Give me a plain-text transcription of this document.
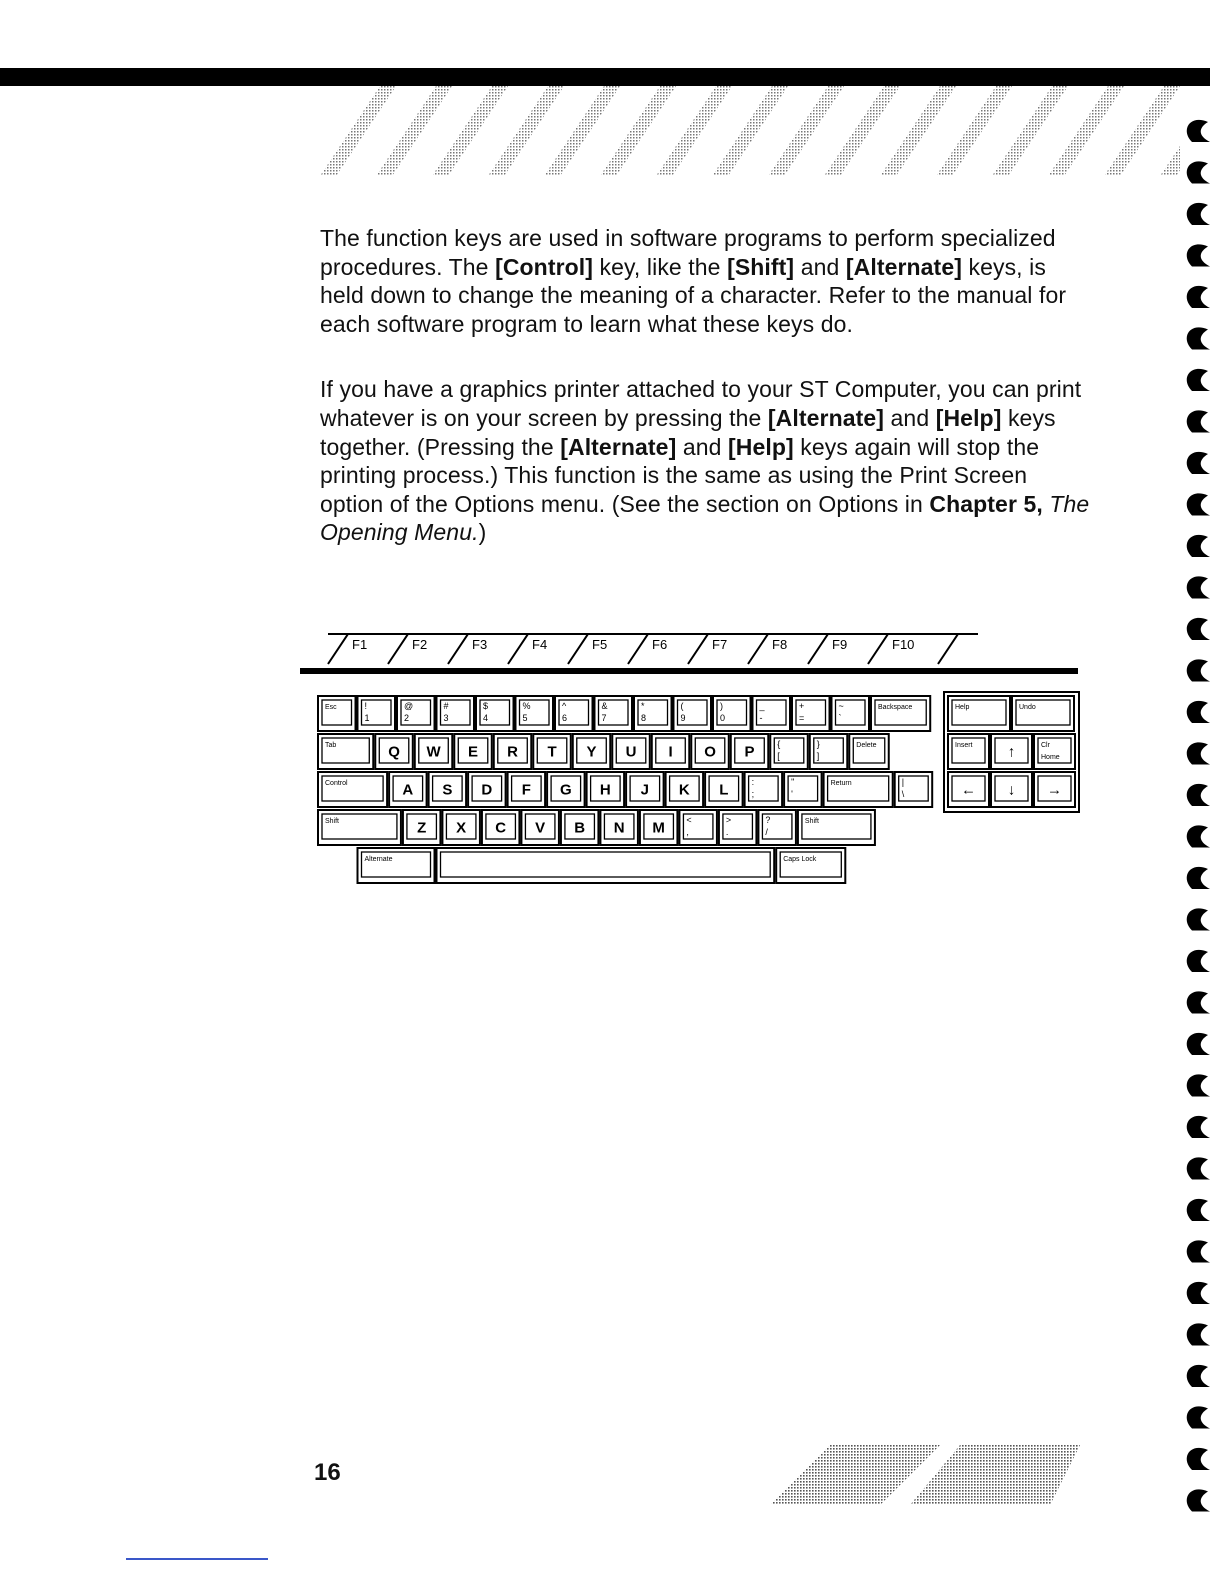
The function keys are used in software programs to perform specialized procedures. The [Control] key, like the [Shift] and [Alternate] keys, is held down to change the meaning of a character. Refer to the manual for each software program to learn what these keys do.

If you have a graphics printer attached to your ST Computer, you can print whatever is on your screen by pressing the [Alternate] and [Help] keys together. (Pressing the [Alternate] and [Help] keys again will stop the printing process.) This function is the same as using the Print Screen option of the Options menu. (See the section on Options in Chapter 5, The Opening Menu.)

F1	F2	F3	F4	F5	F6	F7	F8	F9	F10
Esc	!
1
@
2
#
3
$
4
%
5
^
6
&
7
*
8
(
9
)
0
_
-
+
=
~
`
Backspace
Tab	Q W E R T Y U I O P	{
[
}
]
Delete
Control	A S D F G H J K L	:
;
"
'
Return	|
\
Shift	Z X C V B N M <
,
>
.
?
/
Shift
Alternate	Caps Lock
Help	Undo
Insert ↑	Clr
Home
← ↓ →
16
